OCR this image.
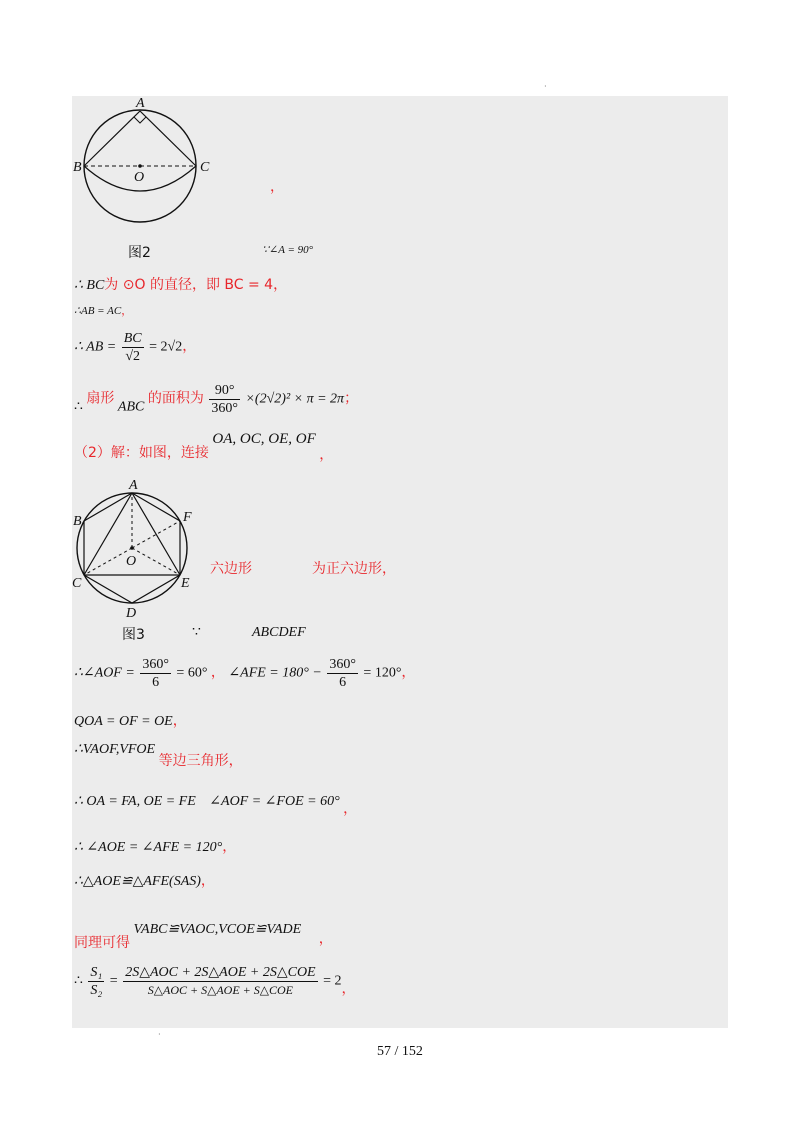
A
B	C
O
，
图2	∵∠A = 90°
∴ BC为 ⊙O 的直径，即 BC = 4，
∴AB = AC，
∴ AB = $\frac{BC}{√2} = 2√2$，
∴ 扇形 ABC 的面积为 $\frac{90^\circ}{360^\circ} \times(2√2)^2 \times \pi = 2\pi$；
（2）解：如图，连接 OA, OC, OE, OF ，
A
B	F
O
C	E
D
六边形	为正六边形，
图3	∵	ABCDEF
∴∠AOF = $\frac{360^\circ}{6} = 60^\circ$ ， ∠AFE = $180^\circ - \frac{360^\circ}{6} = 120^\circ$，
QOA = OF = OE，
∴VAOF,VFOE 等边三角形，
∴ OA = FA, OE = FE ∠AOF = ∠FOE = 60° ，
∴ ∠AOE = ∠AFE = 120°，
∴△AOE≌△AFE(SAS)，
同理可得 VABC≌VAOC,VCOE≌VADE ，
∴ $\frac{\text{S₁}}{\text{S₂}} = \frac{\text{2S△AOC + 2S△AOE + 2S△COE}}{\text{S△AOC + S△AOE + S△COE}} = 2$，
·
·
57 / 152
